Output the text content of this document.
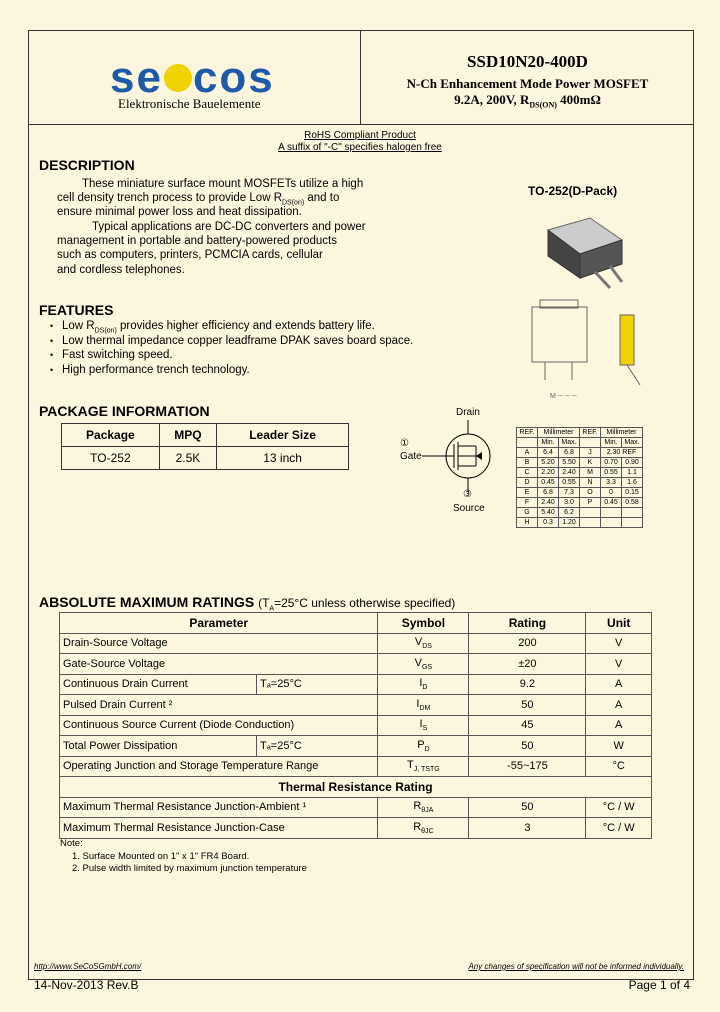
se cos
Elektronische Bauelemente
SSD10N20-400D
N-Ch Enhancement Mode Power MOSFET
9.2A, 200V, $R_{DS(ON)}$ 400mΩ
RoHS Compliant Product
A suffix of "-C" specifies halogen free
DESCRIPTION
These miniature surface mount MOSFETs utilize a high
cell density trench process to provide Low $R_{DS(on)}$ and to
ensure minimal power loss and heat dissipation.
Typical applications are DC-DC converters and power
management in portable and battery-powered products
such as computers, printers, PCMCIA cards, cellular
and cordless telephones.
FEATURES
• Low $R_{DS(on)}$ provides higher efficiency and extends battery life.
• Low thermal impedance copper leadframe DPAK saves board space.
• Fast switching speed.
• High performance trench technology.
PACKAGE INFORMATION
Package	MPQ	Leader Size
TO-252	2.5K	13 inch
TO-252(D-Pack)
M ─ ─ ─
Drain
①
Gate
③
Source
REF.	Millimeter		REF.	Millimeter	
	Min.	Max.		Min.	Max.
A	6.4	6.8	J	2.30 REF	
B	5.20	5.50	K	0.70	0.90
C	2.20	2.40	M	0.55	1.1
D	0.45	0.55	N	3.3	1.6
E	6.8	7.3	O	0	0.15
F	2.40	3.0	P	0.45	0.58
G	5.40	6.2			
H	0.3	1.20			
ABSOLUTE MAXIMUM RATINGS ($T_A=25^\circ C$ unless otherwise specified)
Parameter		Symbol	Rating	Unit
Drain-Source Voltage		$V_{DS}$	200	V
Gate-Source Voltage		$V_{GS}$	±20	V
Continuous Drain Current	Tₐ=25°C	$I_D$	9.2	A
Pulsed Drain Current ²		$I_{DM}$	50	A
Continuous Source Current (Diode Conduction)		$I_S$	45	A
Total Power Dissipation	Tₐ=25°C	$P_D$	50	W
Operating Junction and Storage Temperature Range		$T_{J, TSTG}$	-55~175	°C
Thermal Resistance Rating				
Maximum Thermal Resistance Junction-Ambient ¹		$R_{\theta JA}$	50	°C / W
Maximum Thermal Resistance Junction-Case		$R_{\theta JC}$	3	°C / W
Note:
1. Surface Mounted on 1" x 1" FR4 Board.
2. Pulse width limited by maximum junction temperature
http://www.SeCoSGmbH.com/	Any changes of specification will not be informed individually.
14-Nov-2013 Rev.B	Page 1 of 4
